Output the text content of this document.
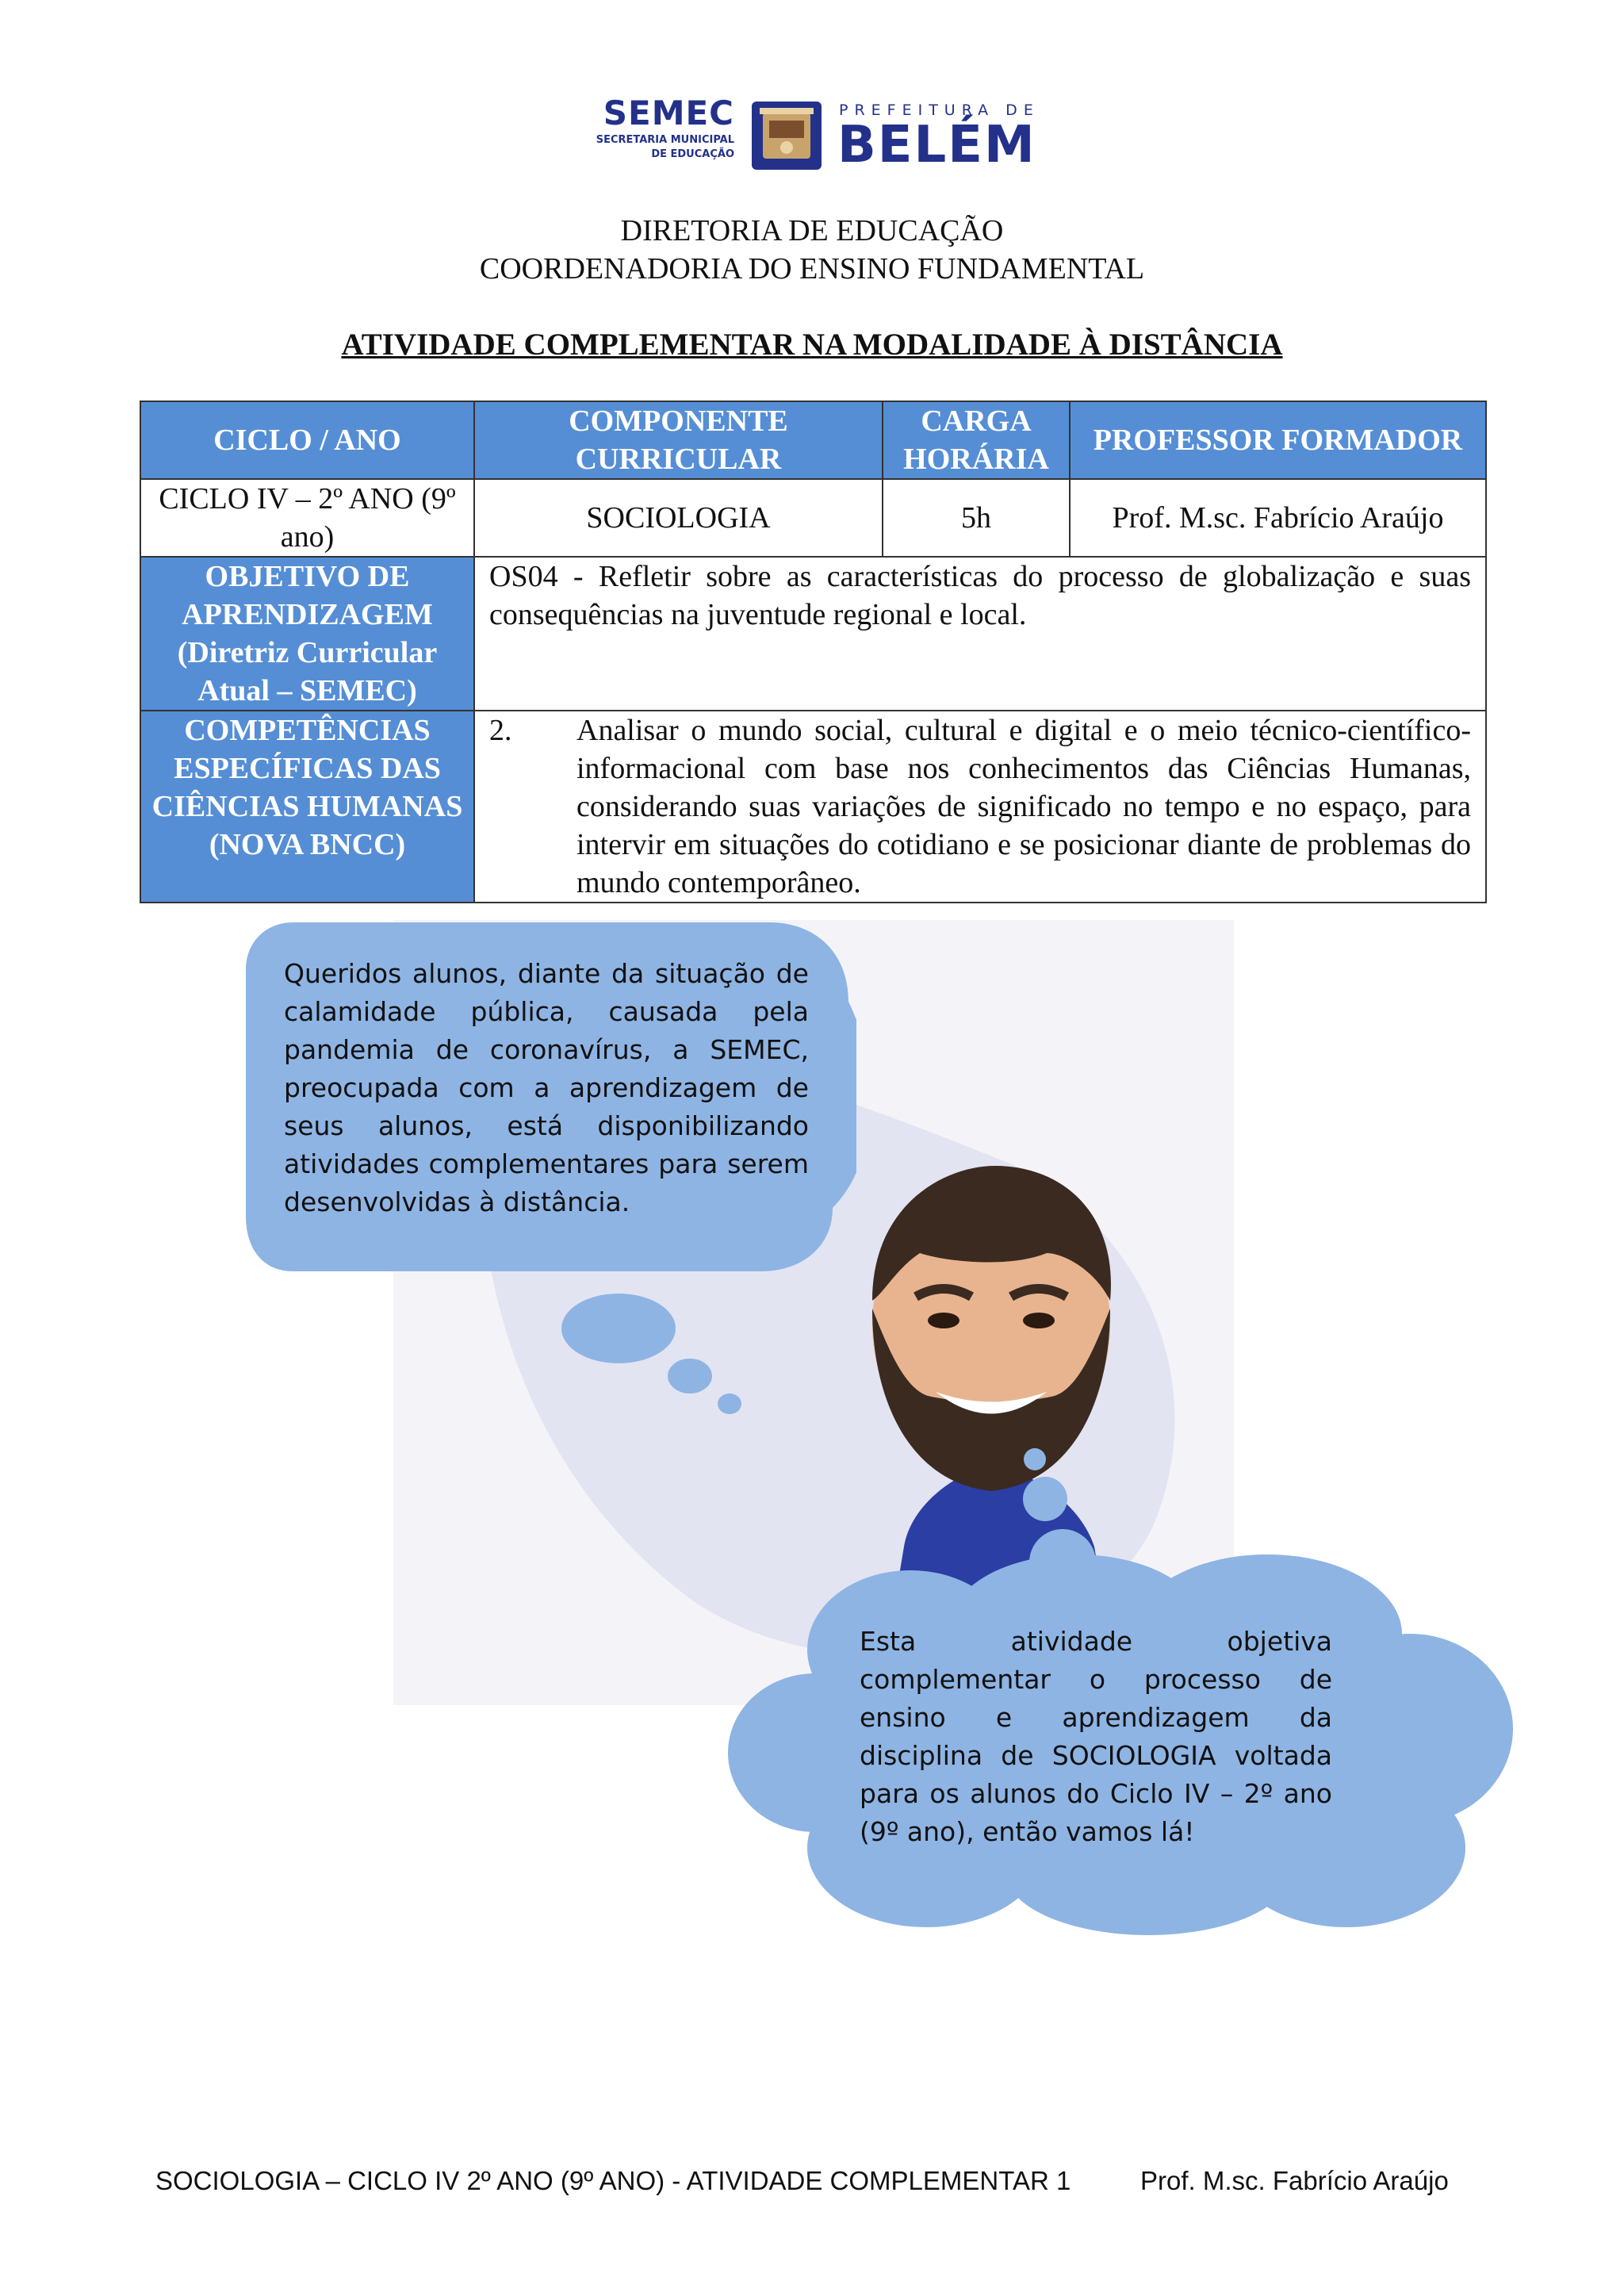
SEMEC
SECRETARIA MUNICIPAL
DE EDUCAÇÃO
PREFEITURA DE
BELÉM
DIRETORIA DE EDUCAÇÃO
COORDENADORIA DO ENSINO FUNDAMENTAL
ATIVIDADE COMPLEMENTAR NA MODALIDADE À DISTÂNCIA
CICLO / ANO	COMPONENTE CURRICULAR	CARGA HORÁRIA	PROFESSOR FORMADOR
CICLO IV – 2º ANO (9º ano)	SOCIOLOGIA	5h	Prof. M.sc. Fabrício Araújo
OBJETIVO DE APRENDIZAGEM (Diretriz Curricular Atual – SEMEC)	OS04 - Refletir sobre as características do processo de globalização e suas consequências na juventude regional e local.		
COMPETÊNCIAS ESPECÍFICAS DAS CIÊNCIAS HUMANAS (NOVA BNCC)	2. Analisar o mundo social, cultural e digital e o meio técnico-científico-informacional com base nos conhecimentos das Ciências Humanas, considerando suas variações de significado no tempo e no espaço, para intervir em situações do cotidiano e se posicionar diante de problemas do mundo contemporâneo.		
Queridos alunos, diante da situação de calamidade pública, causada pela pandemia de coronavírus, a SEMEC, preocupada com a aprendizagem de seus alunos, está disponibilizando atividades complementares para serem desenvolvidas à distância.
Esta atividade objetiva complementar o processo de ensino e aprendizagem da disciplina de SOCIOLOGIA voltada para os alunos do Ciclo IV – 2º ano (9º ano), então vamos lá!
SOCIOLOGIA – CICLO IV 2º ANO (9º ANO) - ATIVIDADE COMPLEMENTAR 1	Prof. M.sc. Fabrício Araújo
